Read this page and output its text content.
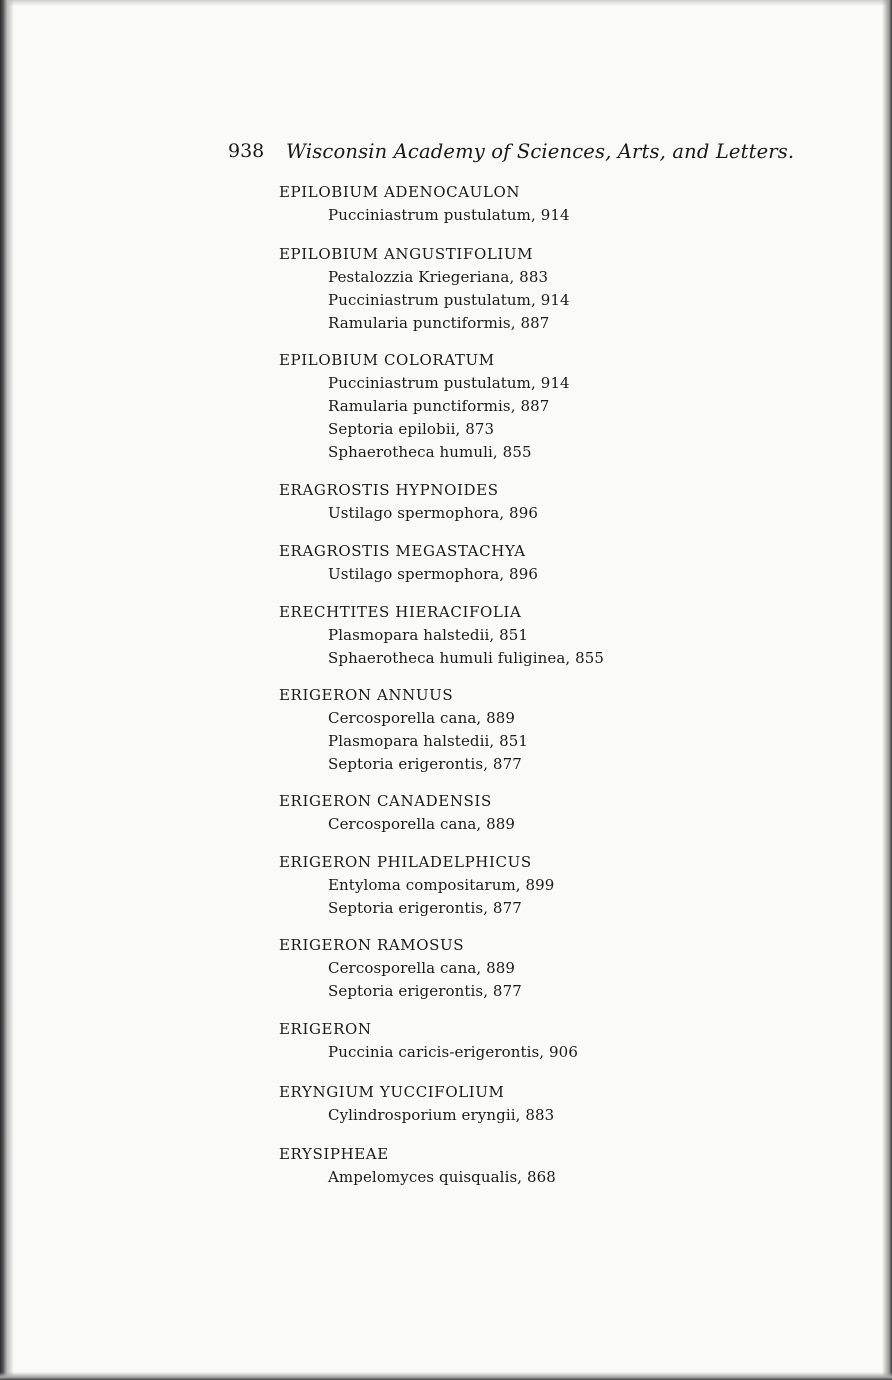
938 Wisconsin Academy of Sciences, Arts, and Letters.
EPILOBIUM ADENOCAULON
Pucciniastrum pustulatum, 914
EPILOBIUM ANGUSTIFOLIUM
Pestalozzia Kriegeriana, 883
Pucciniastrum pustulatum, 914
Ramularia punctiformis, 887
EPILOBIUM COLORATUM
Pucciniastrum pustulatum, 914
Ramularia punctiformis, 887
Septoria epilobii, 873
Sphaerotheca humuli, 855
ERAGROSTIS HYPNOIDES
Ustilago spermophora, 896
ERAGROSTIS MEGASTACHYA
Ustilago spermophora, 896
ERECHTITES HIERACIFOLIA
Plasmopara halstedii, 851
Sphaerotheca humuli fuliginea, 855
ERIGERON ANNUUS
Cercosporella cana, 889
Plasmopara halstedii, 851
Septoria erigerontis, 877
ERIGERON CANADENSIS
Cercosporella cana, 889
ERIGERON PHILADELPHICUS
Entyloma compositarum, 899
Septoria erigerontis, 877
ERIGERON RAMOSUS
Cercosporella cana, 889
Septoria erigerontis, 877
ERIGERON
Puccinia caricis-erigerontis, 906
ERYNGIUM YUCCIFOLIUM
Cylindrosporium eryngii, 883
ERYSIPHEAE
Ampelomyces quisqualis, 868
